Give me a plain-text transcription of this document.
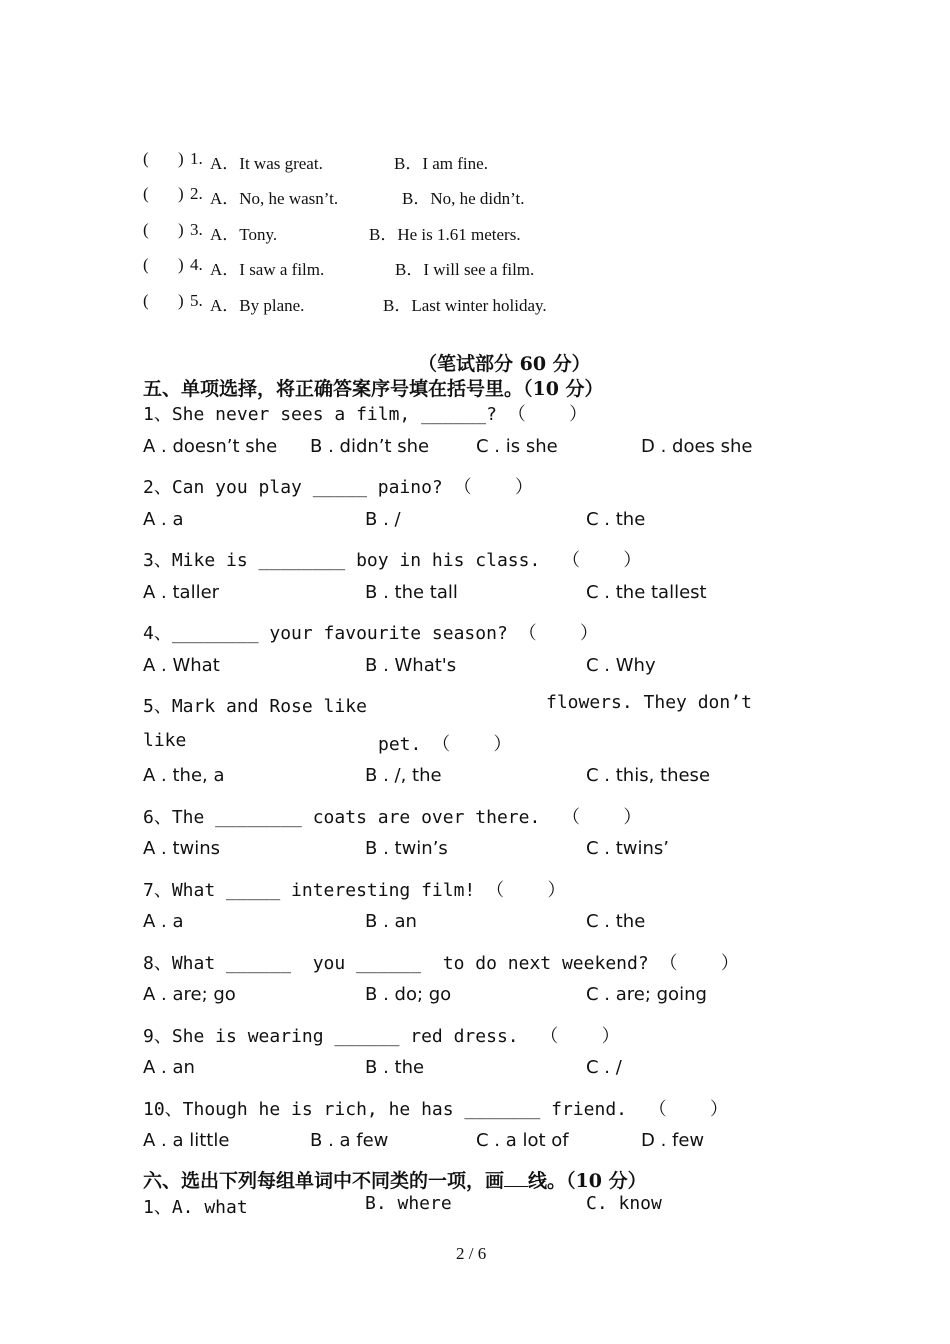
( ) 1. A．It was great.	B．I am fine.
( ) 2. A．No, he wasn’t.	B．No, he didn’t.
( ) 3. A．Tony.	B．He is 1.61 meters.
( ) 4. A．I saw a film.	B．I will see a film.
( ) 5. A．By plane.	B．Last winter holiday.
（笔试部分 60 分）
五、单项选择，将正确答案序号填在括号里。（10 分）
1、She never sees a film, ______? （    ）
A . doesn’t she B . didn’t she	C . is she	D . does she
2、Can you play _____ paino? （    ）
A . a	B . /	C . the
3、Mike is ________ boy in his class.  （    ）
A . taller	B . the tall	C . the tallest
4、________ your favourite season? （    ）
A . What	B . What's	C . Why
5、Mark and Rose like	flowers. They don’t
like	pet. （    ）
A . the, a	B . /, the	C . this, these
6、The ________ coats are over there.  （    ）
A . twins	B . twin’s	C . twins’
7、What _____ interesting film! （    ）
A . a	B . an	C . the
8、What ______  you ______  to do next weekend? （    ）
A . are; go	B . do; go	C . are; going
9、She is wearing ______ red dress.  （    ）
A . an	B . the	C . /
10、Though he is rich, he has _______ friend.  （    ）
A . a little	B . a few	C . a lot of	D . few
六、选出下列每组单词中不同类的一项，画 线。（10 分）
1、A. what	B. where	C. know
2 / 6
